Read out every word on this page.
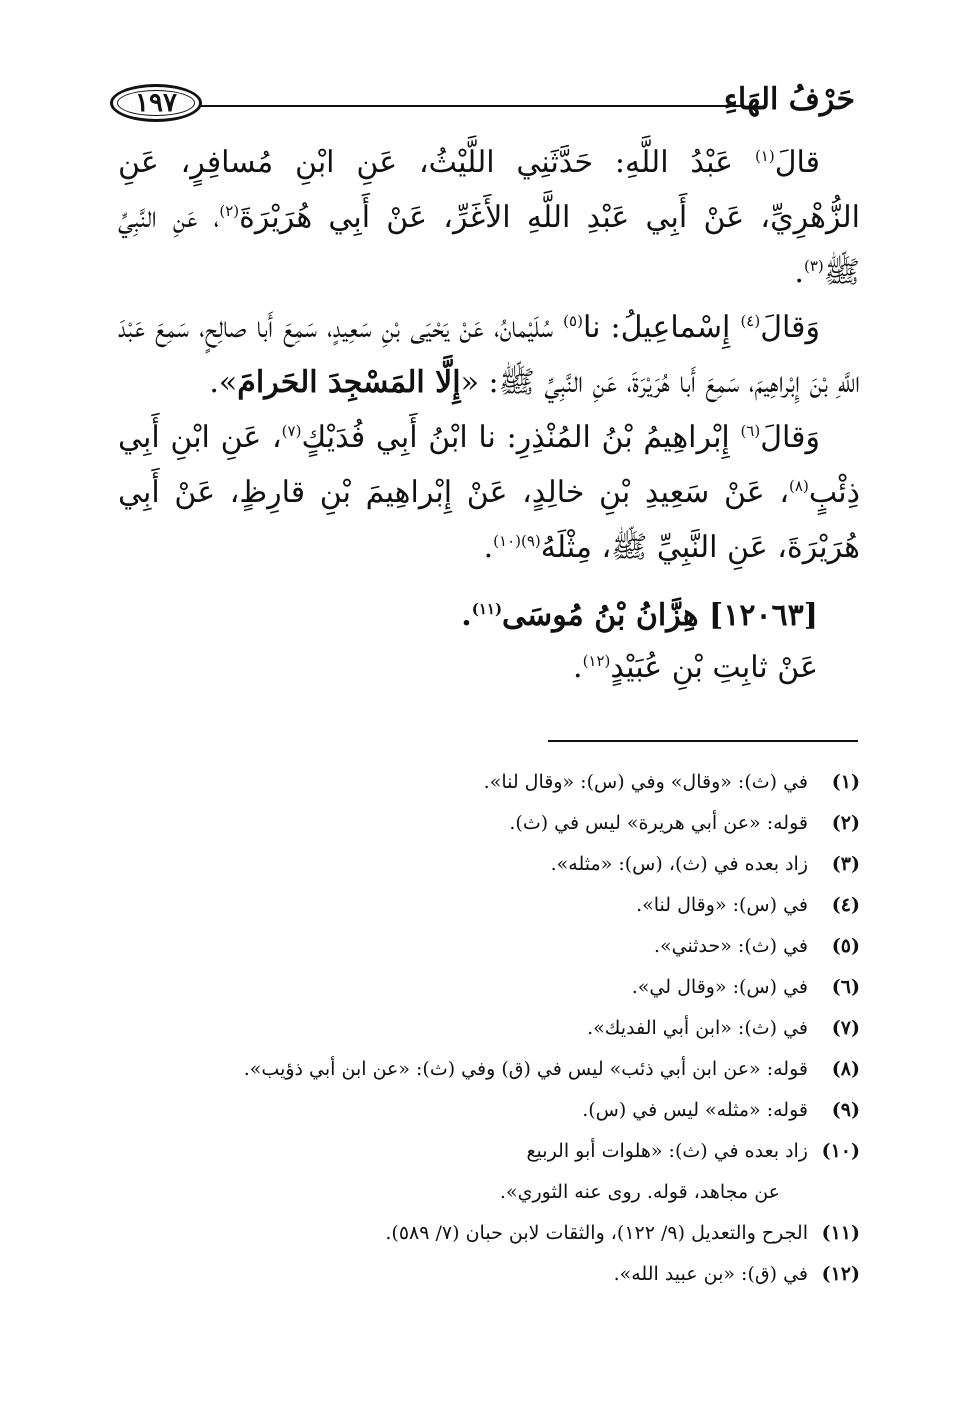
١٩٧	حَرْفُ الهَاءِ

قالَ$^{(١)}$ عَبْدُ اللَّهِ: حَدَّثَنِي اللَّيْثُ، عَنِ ابْنِ مُسافِرٍ، عَنِ الزُّهْرِيِّ، عَنْ أَبِي عَبْدِ اللَّهِ الأَغَرِّ، عَنْ أَبِي هُرَيْرَةَ$^{(٢)}$، عَنِ النَّبِيِّ ﷺ$^{(٣)}$.

وَقالَ$^{(٤)}$ إِسْماعِيلُ: نا$^{(٥)}$ سُلَيْمانُ، عَنْ يَحْيَى بْنِ سَعِيدٍ، سَمِعَ أَبا صالِحٍ، سَمِعَ عَبْدَ اللَّهِ بْنَ إِبْراهِيمَ، سَمِعَ أَبا هُرَيْرَةَ، عَنِ النَّبِيِّ ﷺ: «إِلَّا المَسْجِدَ الحَرامَ».

وَقالَ$^{(٦)}$ إِبْراهِيمُ بْنُ المُنْذِرِ: نا ابْنُ أَبِي فُدَيْكٍ$^{(٧)}$، عَنِ ابْنِ أَبِي ذِئْبٍ$^{(٨)}$، عَنْ سَعِيدِ بْنِ خالِدٍ، عَنْ إِبْراهِيمَ بْنِ قارِظٍ، عَنْ أَبِي هُرَيْرَةَ، عَنِ النَّبِيِّ ﷺ، مِثْلَهُ$^{(٩)(١٠)}$.

[١٢٠٦٣] هِزَّانُ بْنُ مُوسَى$^{(١١)}$.
عَنْ ثابِتِ بْنِ عُبَيْدٍ$^{(١٢)}$.
(١)
في (ث): «وقال» وفي (س): «وقال لنا».
(٢)
قوله: «عن أبي هريرة» ليس في (ث).
(٣)
زاد بعده في (ث)، (س): «مثله».
(٤)
في (س): «وقال لنا».
(٥)
في (ث): «حدثني».
(٦)
في (س): «وقال لي».
(٧)
في (ث): «ابن أبي الفديك».
(٨)
قوله: «عن ابن أبي ذئب» ليس في (ق) وفي (ث): «عن ابن أبي ذؤيب».
(٩)
قوله: «مثله» ليس في (س).
(١٠)
زاد بعده في (ث): «هلوات أبو الربيع
عن مجاهد، قوله. روى عنه الثوري».
(١١)
الجرح والتعديل (٩/ ١٢٢)، والثقات لابن حبان (٧/ ٥٨٩).
(١٢)
في (ق): «بن عبيد الله».
